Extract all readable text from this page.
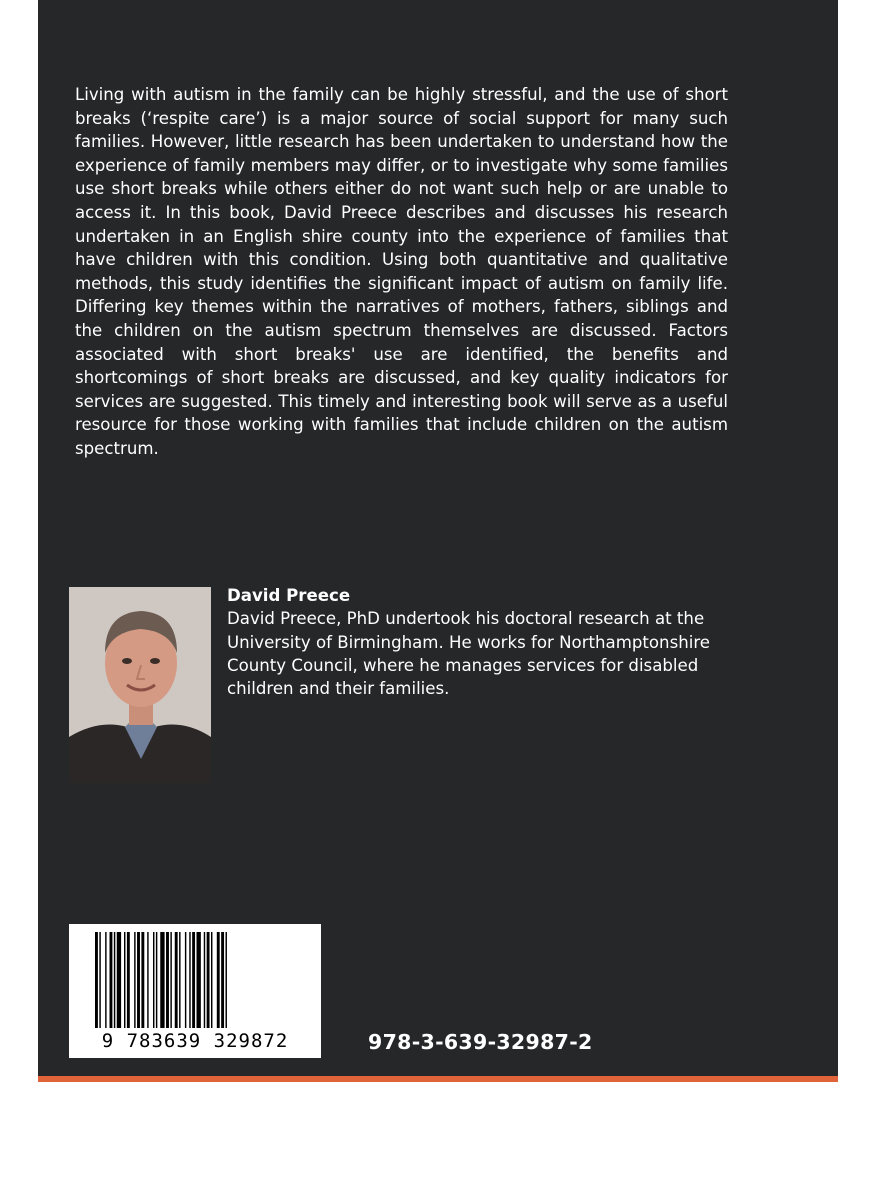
Living with autism in the family can be highly stressful, and the use of short breaks (‘respite care’) is a major source of social support for many such families. However, little research has been undertaken to understand how the experience of family members may differ, or to investigate why some families use short breaks while others either do not want such help or are unable to access it. In this book, David Preece describes and discusses his research undertaken in an English shire county into the experience of families that have children with this condition. Using both quantitative and qualitative methods, this study identifies the significant impact of autism on family life. Differing key themes within the narratives of mothers, fathers, siblings and the children on the autism spectrum themselves are discussed. Factors associated with short breaks' use are identified, the benefits and shortcomings of short breaks are discussed, and key quality indicators for services are suggested. This timely and interesting book will serve as a useful resource for those working with families that include children on the autism spectrum.

David Preece
David Preece, PhD undertook his doctoral research at the University of Birmingham. He works for Northamptonshire County Council, where he manages services for disabled children and their families.
9 783639 329872	978-3-639-32987-2
